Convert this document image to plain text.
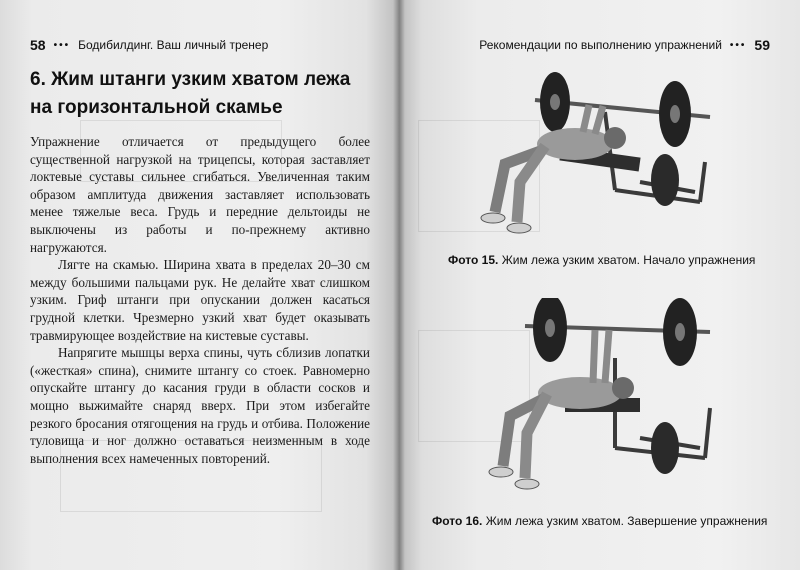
58 ••• Бодибилдинг. Ваш личный тренер
6. Жим штанги узким хватом лежа
на горизонтальной скамье

Упражнение отличается от предыдущего более существенной нагрузкой на трицепсы, которая заставляет локтевые суставы сильнее сгибаться. Увеличенная таким образом амплитуда движения заставляет использовать менее тяжелые веса. Грудь и передние дельтоиды не выключены из работы и по-прежнему активно нагружаются.

Лягте на скамью. Ширина хвата в пределах 20–30 см между большими пальцами рук. Не делайте хват слишком узким. Гриф штанги при опускании должен касаться грудной клетки. Чрезмерно узкий хват будет оказывать травмирующее воздействие на кистевые суставы.

Напрягите мышцы верха спины, чуть сблизив лопатки («жесткая» спина), снимите штангу со стоек. Равномерно опускайте штангу до касания груди в области сосков и мощно выжимайте снаряд вверх. При этом избегайте резкого бросания отягощения на грудь и отбива. Положение туловища и ног должно оставаться неизменным в ходе выполнения всех намеченных повторений.

Рекомендации по выполнению упражнений ••• 59
Фото 15. Жим лежа узким хватом. Начало упражнения
Фото 16. Жим лежа узким хватом. Завершение упражнения
